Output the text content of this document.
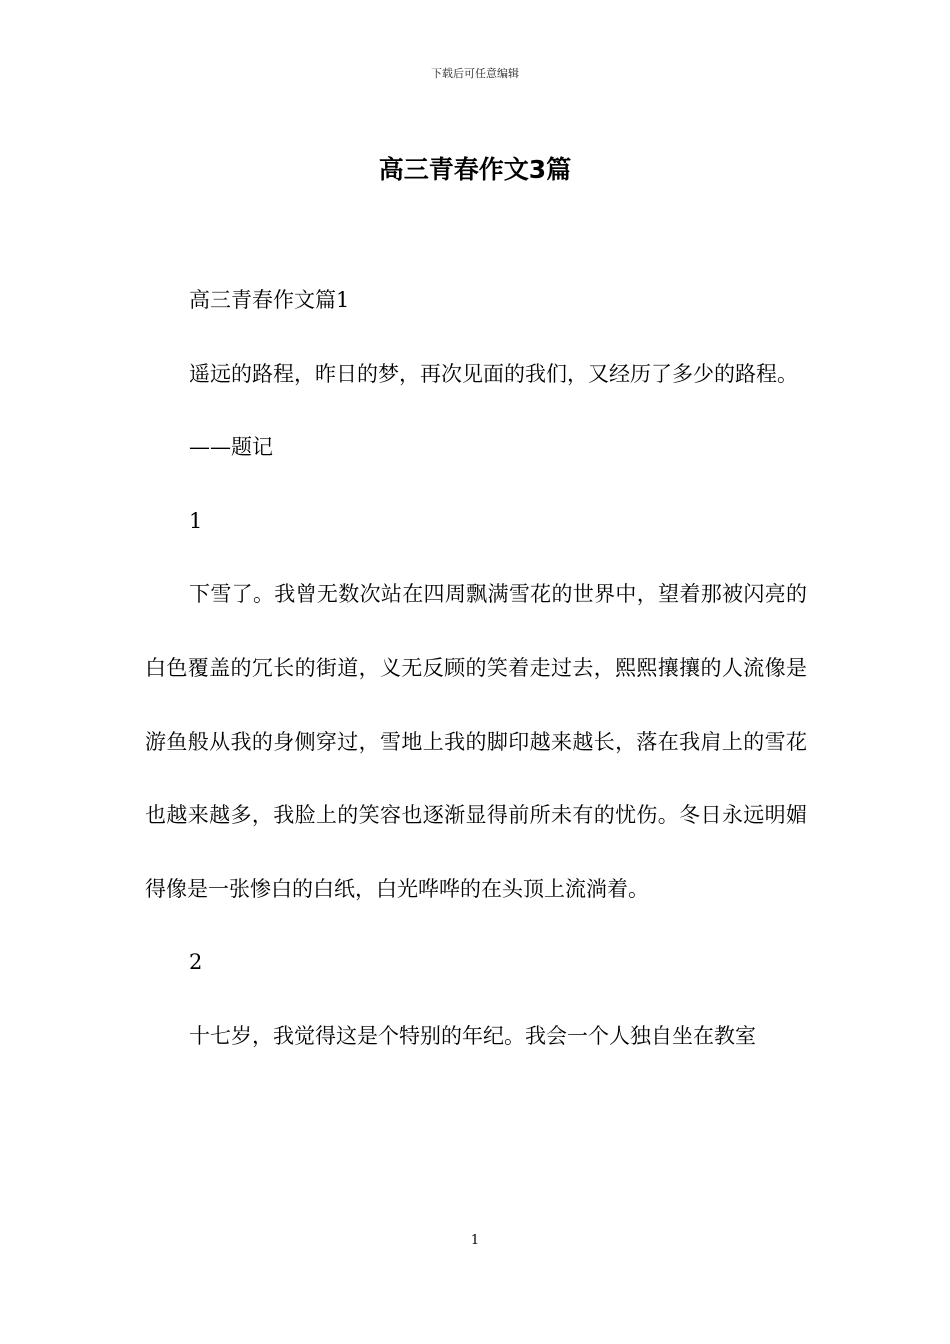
下载后可任意编辑
高三青春作文3篇

高三青春作文篇1

遥远的路程，昨日的梦，再次见面的我们，又经历了多少的路程。

——题记

1

下雪了。我曾无数次站在四周飘满雪花的世界中，望着那被闪亮的白色覆盖的冗长的街道，义无反顾的笑着走过去，熙熙攘攘的人流像是游鱼般从我的身侧穿过，雪地上我的脚印越来越长，落在我肩上的雪花也越来越多，我脸上的笑容也逐渐显得前所未有的忧伤。冬日永远明媚得像是一张惨白的白纸，白光哗哗的在头顶上流淌着。

2

十七岁，我觉得这是个特别的年纪。我会一个人独自坐在教室

1
